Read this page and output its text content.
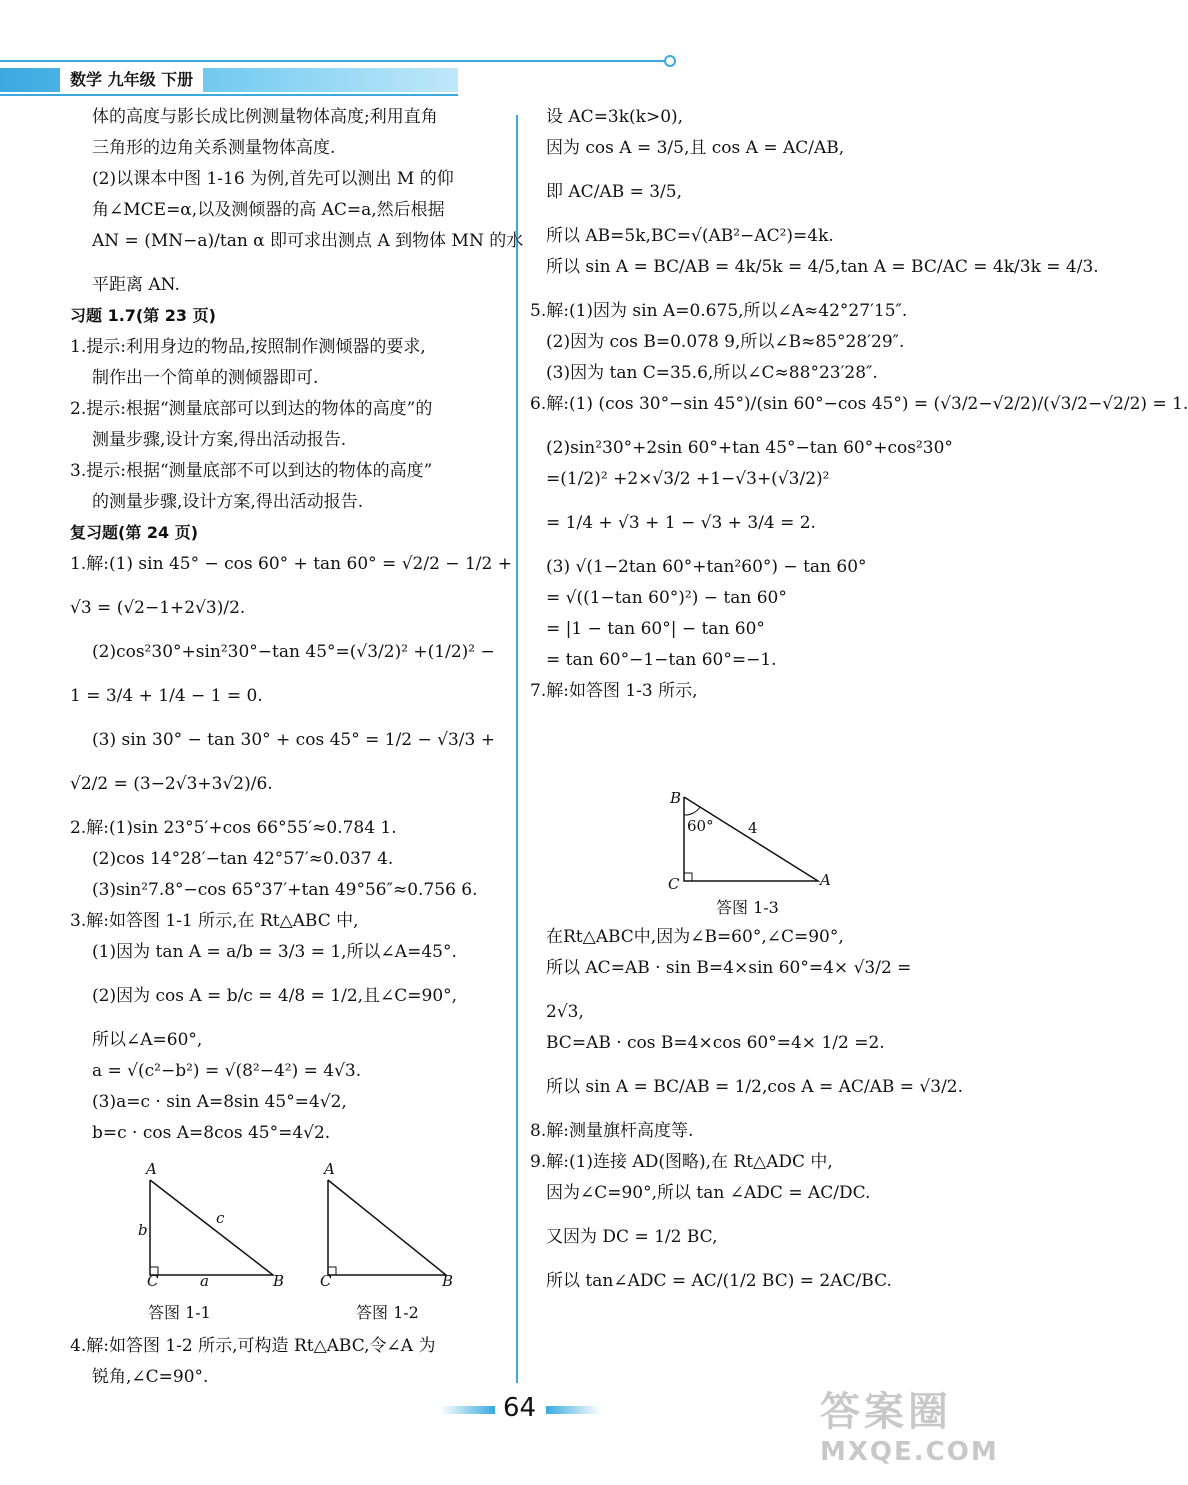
数学 九年级 下册
体的高度与影长成比例测量物体高度;利用直角
三角形的边角关系测量物体高度.
(2)以课本中图 1-16 为例,首先可以测出 M 的仰
角∠MCE=α,以及测倾器的高 AC=a,然后根据
AN = (MN−a)/tan α 即可求出测点 A 到物体 MN 的水
平距离 AN.
习题 1.7(第 23 页)
1.提示:利用身边的物品,按照制作测倾器的要求,
制作出一个简单的测倾器即可.
2.提示:根据“测量底部可以到达的物体的高度”的
测量步骤,设计方案,得出活动报告.
3.提示:根据“测量底部不可以到达的物体的高度”
的测量步骤,设计方案,得出活动报告.
复习题(第 24 页)
1.解:(1) sin 45° − cos 60° + tan 60° = √2/2 − 1/2 +
√3 = (√2−1+2√3)/2.
(2)cos²30°+sin²30°−tan 45°=(√3/2)² +(1/2)² −
1 = 3/4 + 1/4 − 1 = 0.
(3) sin 30° − tan 30° + cos 45° = 1/2 − √3/3 +
√2/2 = (3−2√3+3√2)/6.
2.解:(1)sin 23°5′+cos 66°55′≈0.784 1.
(2)cos 14°28′−tan 42°57′≈0.037 4.
(3)sin²7.8°−cos 65°37′+tan 49°56″≈0.756 6.
3.解:如答图 1-1 所示,在 Rt△ABC 中,
(1)因为 tan A = a/b = 3/3 = 1,所以∠A=45°.
(2)因为 cos A = b/c = 4/8 = 1/2,且∠C=90°,
所以∠A=60°,
a = √(c²−b²) = √(8²−4²) = 4√3.
(3)a=c · sin A=8sin 45°=4√2,
b=c · cos A=8cos 45°=4√2.
A
B
C	a
b
c
答图 1-1
A
B
C
答图 1-2
4.解:如答图 1-2 所示,可构造 Rt△ABC,令∠A 为
锐角,∠C=90°.
设 AC=3k(k>0),
因为 cos A = 3/5,且 cos A = AC/AB,
即 AC/AB = 3/5,
所以 AB=5k,BC=√(AB²−AC²)=4k.
所以 sin A = BC/AB = 4k/5k = 4/5,tan A = BC/AC = 4k/3k = 4/3.
5.解:(1)因为 sin A=0.675,所以∠A≈42°27′15″.
(2)因为 cos B=0.078 9,所以∠B≈85°28′29″.
(3)因为 tan C=35.6,所以∠C≈88°23′28″.
6.解:(1) (cos 30°−sin 45°)/(sin 60°−cos 45°) = (√3/2−√2/2)/(√3/2−√2/2) = 1.
(2)sin²30°+2sin 60°+tan 45°−tan 60°+cos²30°
=(1/2)² +2×√3/2 +1−√3+(√3/2)²
= 1/4 + √3 + 1 − √3 + 3/4 = 2.
(3) √(1−2tan 60°+tan²60°) − tan 60°
= √((1−tan 60°)²) − tan 60°
= |1 − tan 60°| − tan 60°
= tan 60°−1−tan 60°=−1.
7.解:如答图 1-3 所示,
B
A
C
60° 4
答图 1-3
在Rt△ABC中,因为∠B=60°,∠C=90°,
所以 AC=AB · sin B=4×sin 60°=4× √3/2 =
2√3,
BC=AB · cos B=4×cos 60°=4× 1/2 =2.
所以 sin A = BC/AB = 1/2,cos A = AC/AB = √3/2.
8.解:测量旗杆高度等.
9.解:(1)连接 AD(图略),在 Rt△ADC 中,
因为∠C=90°,所以 tan ∠ADC = AC/DC.
又因为 DC = 1/2 BC,
所以 tan∠ADC = AC/(1/2 BC) = 2AC/BC.
64	答案圈
MXQE.COM
